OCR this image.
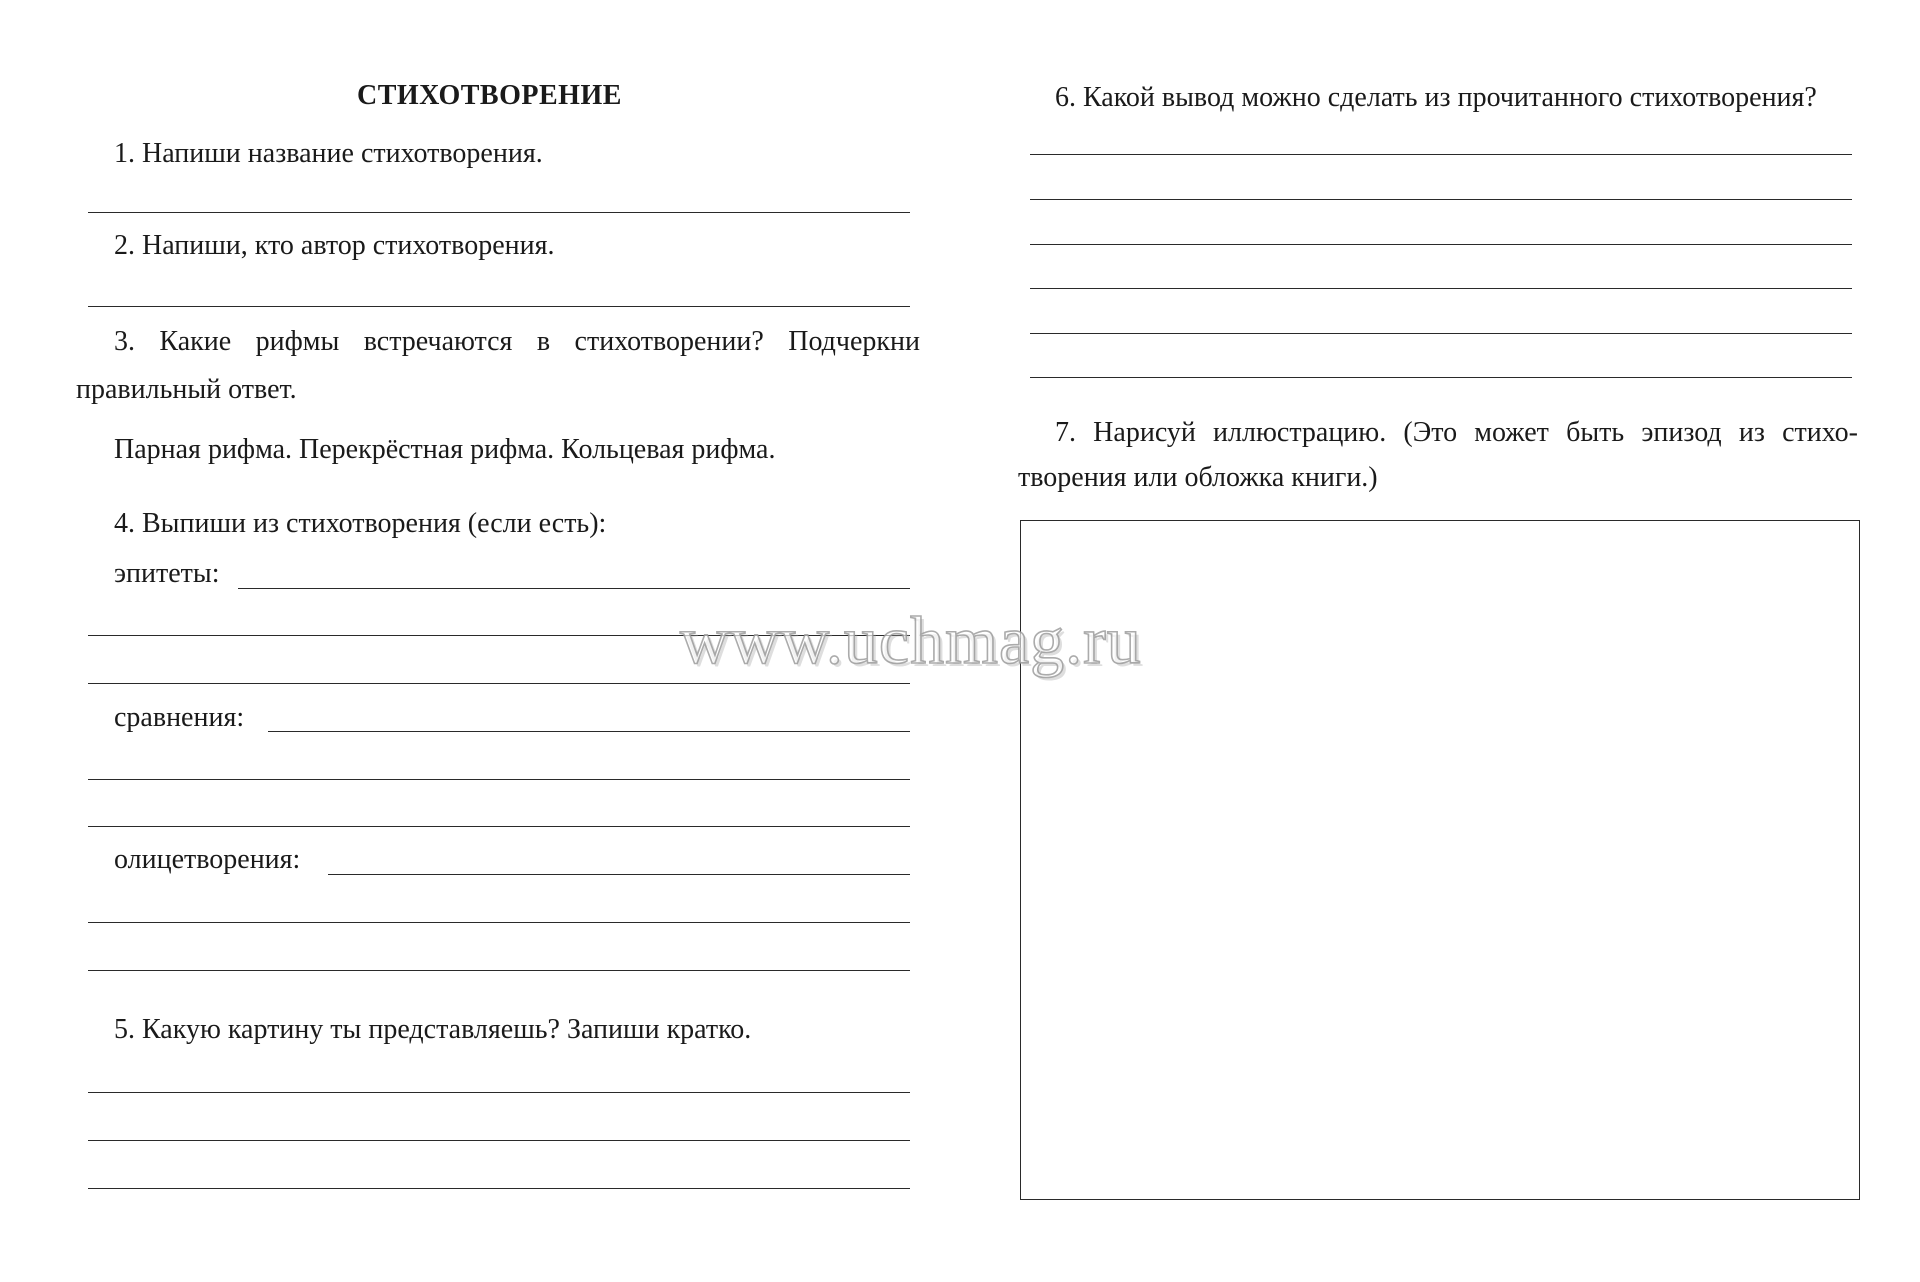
СТИХОТВОРЕНИЕ
1. Напиши название стихотворения.
2. Напиши, кто автор стихотворения.
3. Какие рифмы встречаются в стихотворении? Подчеркни
правильный ответ.
Парная рифма. Перекрёстная рифма. Кольцевая рифма.
4. Выпиши из стихотворения (если есть):
эпитеты:
сравнения:
олицетворения:
5. Какую картину ты представляешь? Запиши кратко.
6. Какой вывод можно сделать из прочитанного стихотворения?
7. Нарисуй иллюстрацию. (Это может быть эпизод из стихо-
творения или обложка книги.)
www.uchmag.ru
